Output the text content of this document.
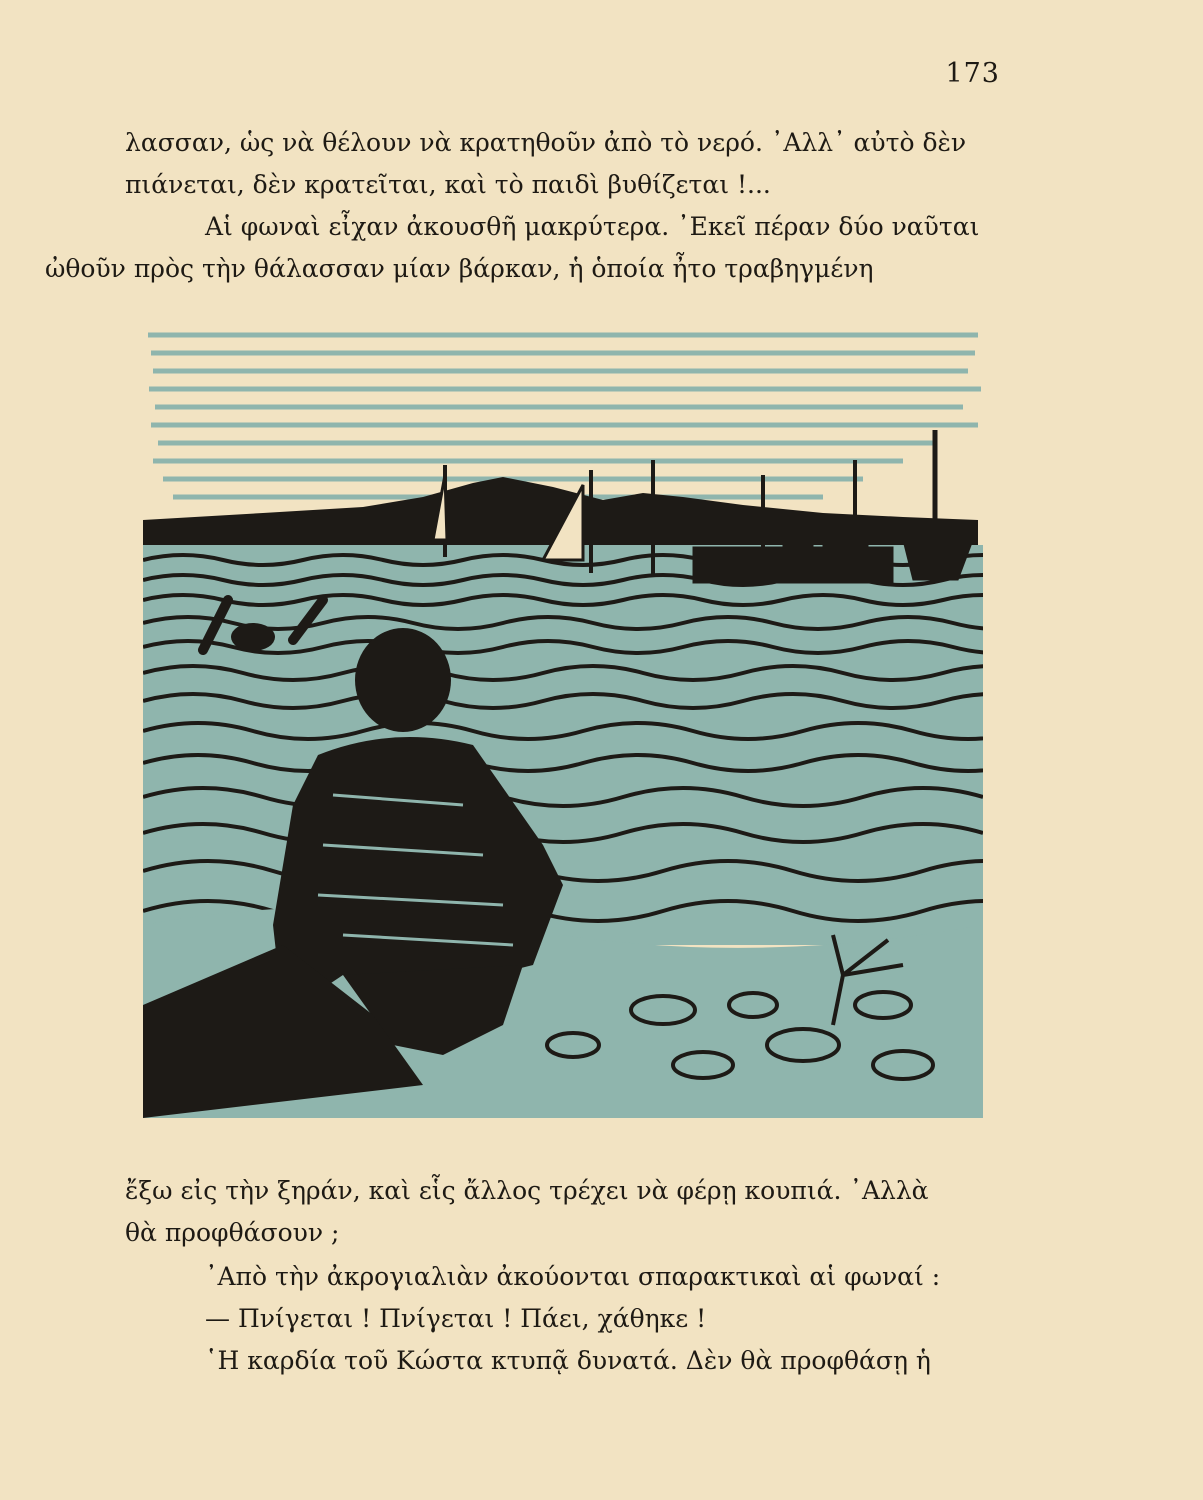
173

λασσαν, ὡς νὰ θέλουν νὰ κρατηθοῦν ἀπὸ τὸ νερό. ᾿Αλλ᾿ αὐτὸ δὲν
πιάνεται, δὲν κρατεῖται, καὶ τὸ παιδὶ βυθίζεται !...

Αἱ φωναὶ εἶχαν ἀκουσθῆ μακρύτερα. ᾿Εκεῖ πέραν δύο ναῦται
ὠθοῦν πρὸς τὴν θάλασσαν μίαν βάρκαν, ἡ ὁποία ἦτο τραβηγμένη

ἔξω εἰς τὴν ξηράν, καὶ εἷς ἄλλος τρέχει νὰ φέρῃ κουπιά. ᾿Αλλὰ
θὰ προφθάσουν ;

᾿Απὸ τὴν ἀκρογιαλιὰν ἀκούονται σπαρακτικαὶ αἱ φωναί :

— Πνίγεται ! Πνίγεται ! Πάει, χάθηκε !

῾Η καρδία τοῦ Κώστα κτυπᾷ δυνατά. Δὲν θὰ προφθάσῃ ἡ
